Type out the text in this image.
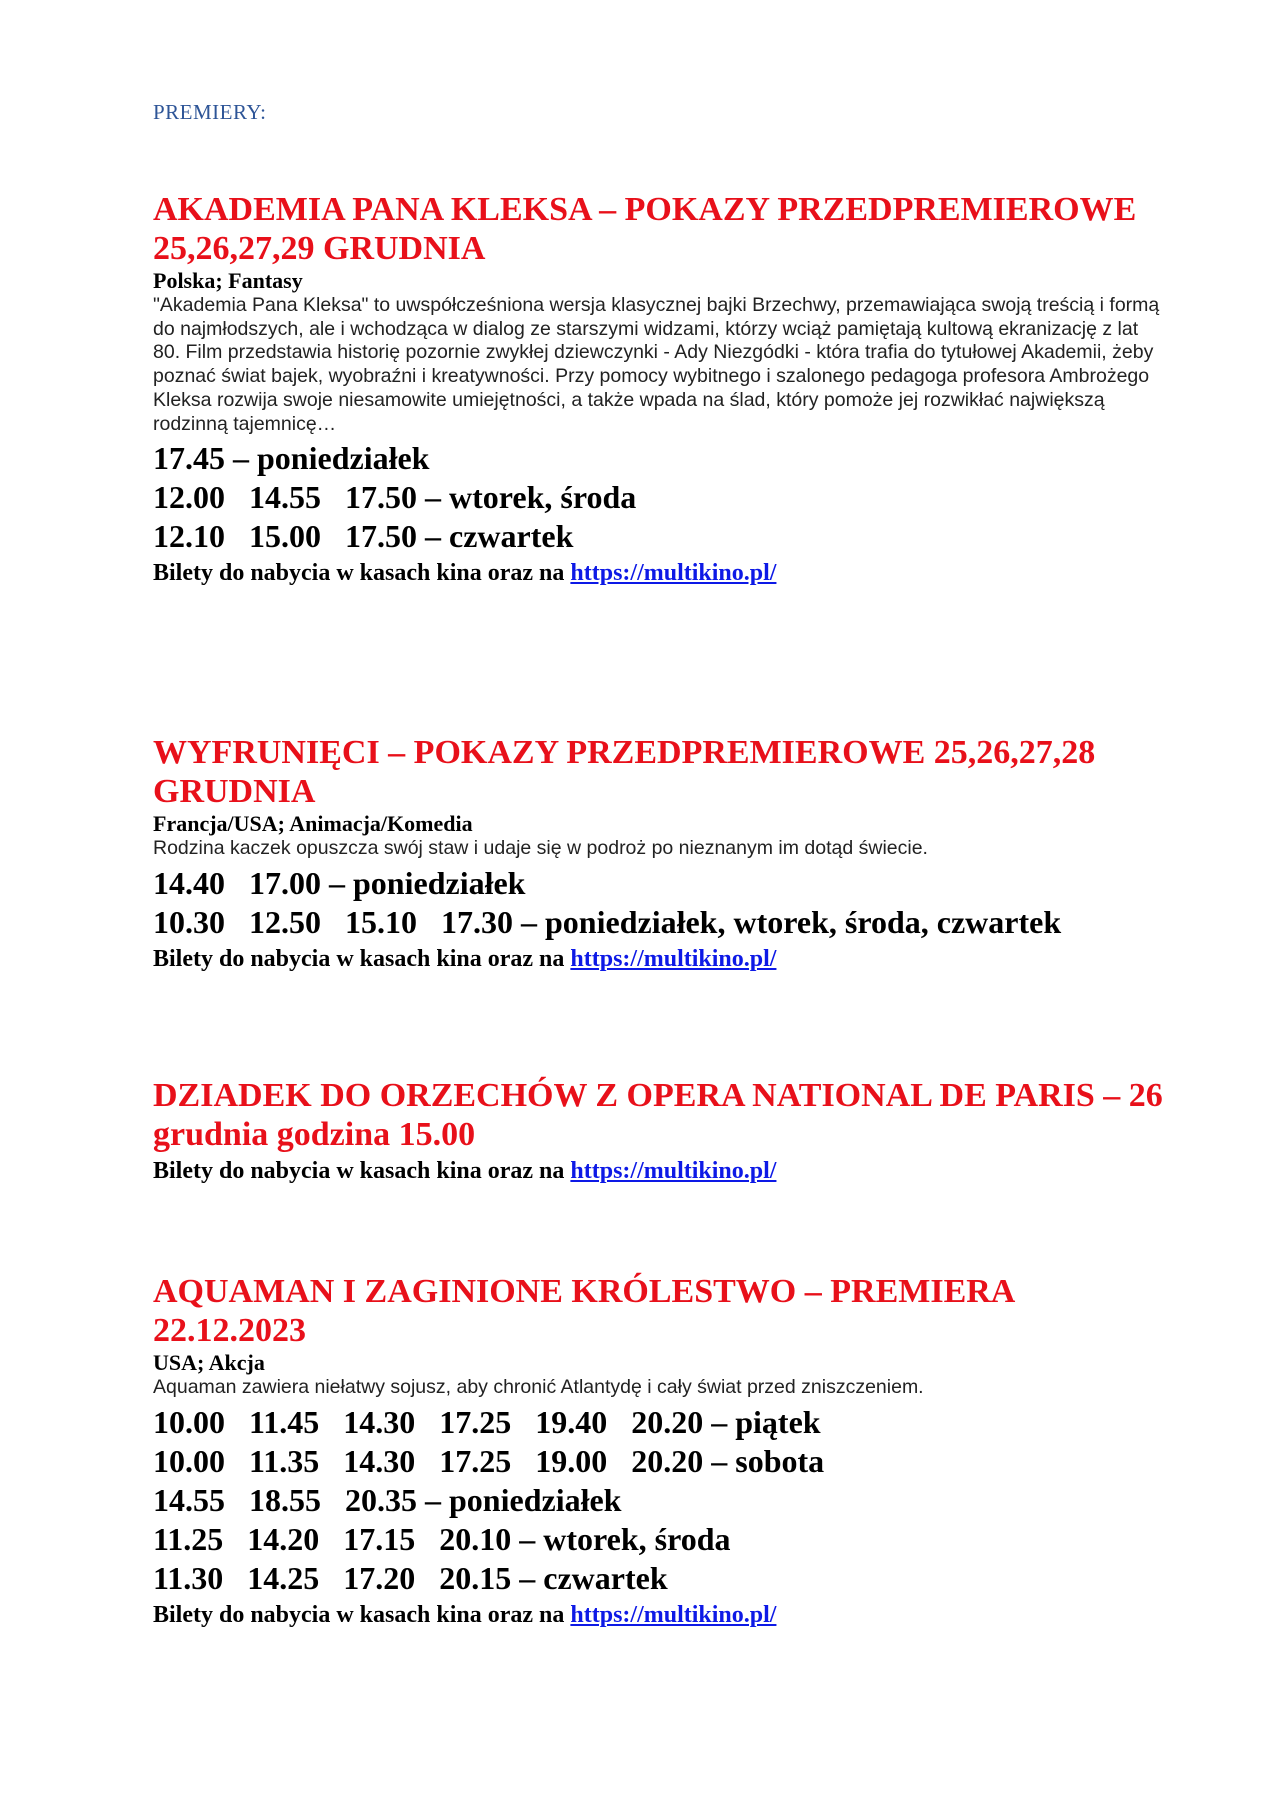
PREMIERY:
AKADEMIA PANA KLEKSA – POKAZY PRZEDPREMIEROWE 25,26,27,29 GRUDNIA
Polska; Fantasy
"Akademia Pana Kleksa" to uwspółcześniona wersja klasycznej bajki Brzechwy, przemawiająca swoją treścią i formą do najmłodszych, ale i wchodząca w dialog ze starszymi widzami, którzy wciąż pamiętają kultową ekranizację z lat 80. Film przedstawia historię pozornie zwykłej dziewczynki - Ady Niezgódki - która trafia do tytułowej Akademii, żeby poznać świat bajek, wyobraźni i kreatywności. Przy pomocy wybitnego i szalonego pedagoga profesora Ambrożego Kleksa rozwija swoje niesamowite umiejętności, a także wpada na ślad, który pomoże jej rozwikłać największą rodzinną tajemnicę…
17.45 – poniedziałek
12.00   14.55   17.50 – wtorek, środa
12.10   15.00   17.50 – czwartek
Bilety do nabycia w kasach kina oraz na https://multikino.pl/
WYFRUNIĘCI – POKAZY PRZEDPREMIEROWE 25,26,27,28 GRUDNIA
Francja/USA; Animacja/Komedia
Rodzina kaczek opuszcza swój staw i udaje się w podroż po nieznanym im dotąd świecie.
14.40   17.00 – poniedziałek
10.30   12.50   15.10   17.30 – poniedziałek, wtorek, środa, czwartek
Bilety do nabycia w kasach kina oraz na https://multikino.pl/
DZIADEK DO ORZECHÓW Z OPERA NATIONAL DE PARIS – 26 grudnia godzina 15.00
Bilety do nabycia w kasach kina oraz na https://multikino.pl/
AQUAMAN I ZAGINIONE KRÓLESTWO – PREMIERA 22.12.2023
USA; Akcja
Aquaman zawiera niełatwy sojusz, aby chronić Atlantydę i cały świat przed zniszczeniem.
10.00   11.45   14.30   17.25   19.40   20.20 – piątek
10.00   11.35   14.30   17.25   19.00   20.20 – sobota
14.55   18.55   20.35 – poniedziałek
11.25   14.20   17.15   20.10 – wtorek, środa
11.30   14.25   17.20   20.15 – czwartek
Bilety do nabycia w kasach kina oraz na https://multikino.pl/
